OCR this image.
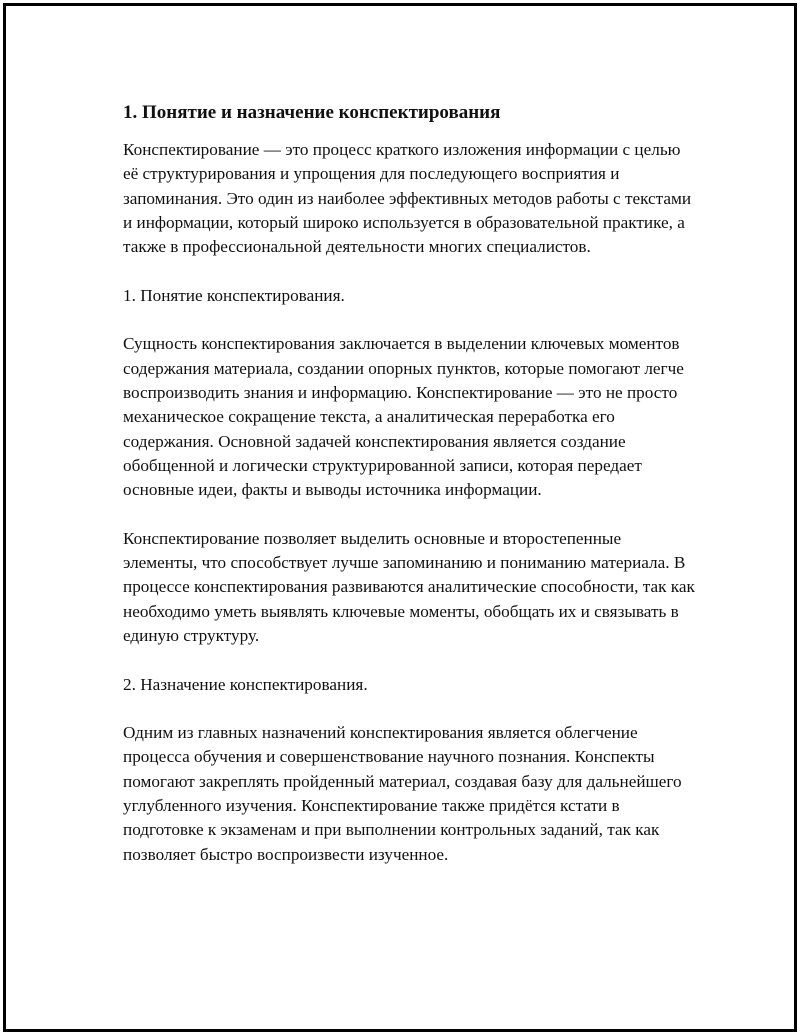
1. Понятие и назначение конспектирования

Конспектирование — это процесс краткого изложения информации с целью её структурирования и упрощения для последующего восприятия и запоминания. Это один из наиболее эффективных методов работы с текстами и информации, который широко используется в образовательной практике, а также в профессиональной деятельности многих специалистов.

1. Понятие конспектирования.

Сущность конспектирования заключается в выделении ключевых моментов содержания материала, создании опорных пунктов, которые помогают легче воспроизводить знания и информацию. Конспектирование — это не просто механическое сокращение текста, а аналитическая переработка его содержания. Основной задачей конспектирования является создание обобщенной и логически структурированной записи, которая передает основные идеи, факты и выводы источника информации.

Конспектирование позволяет выделить основные и второстепенные элементы, что способствует лучше запоминанию и пониманию материала. В процессе конспектирования развиваются аналитические способности, так как необходимо уметь выявлять ключевые моменты, обобщать их и связывать в единую структуру.

2. Назначение конспектирования.

Одним из главных назначений конспектирования является облегчение процесса обучения и совершенствование научного познания. Конспекты помогают закреплять пройденный материал, создавая базу для дальнейшего углубленного изучения. Конспектирование также придётся кстати в подготовке к экзаменам и при выполнении контрольных заданий, так как позволяет быстро воспроизвести изученное.
